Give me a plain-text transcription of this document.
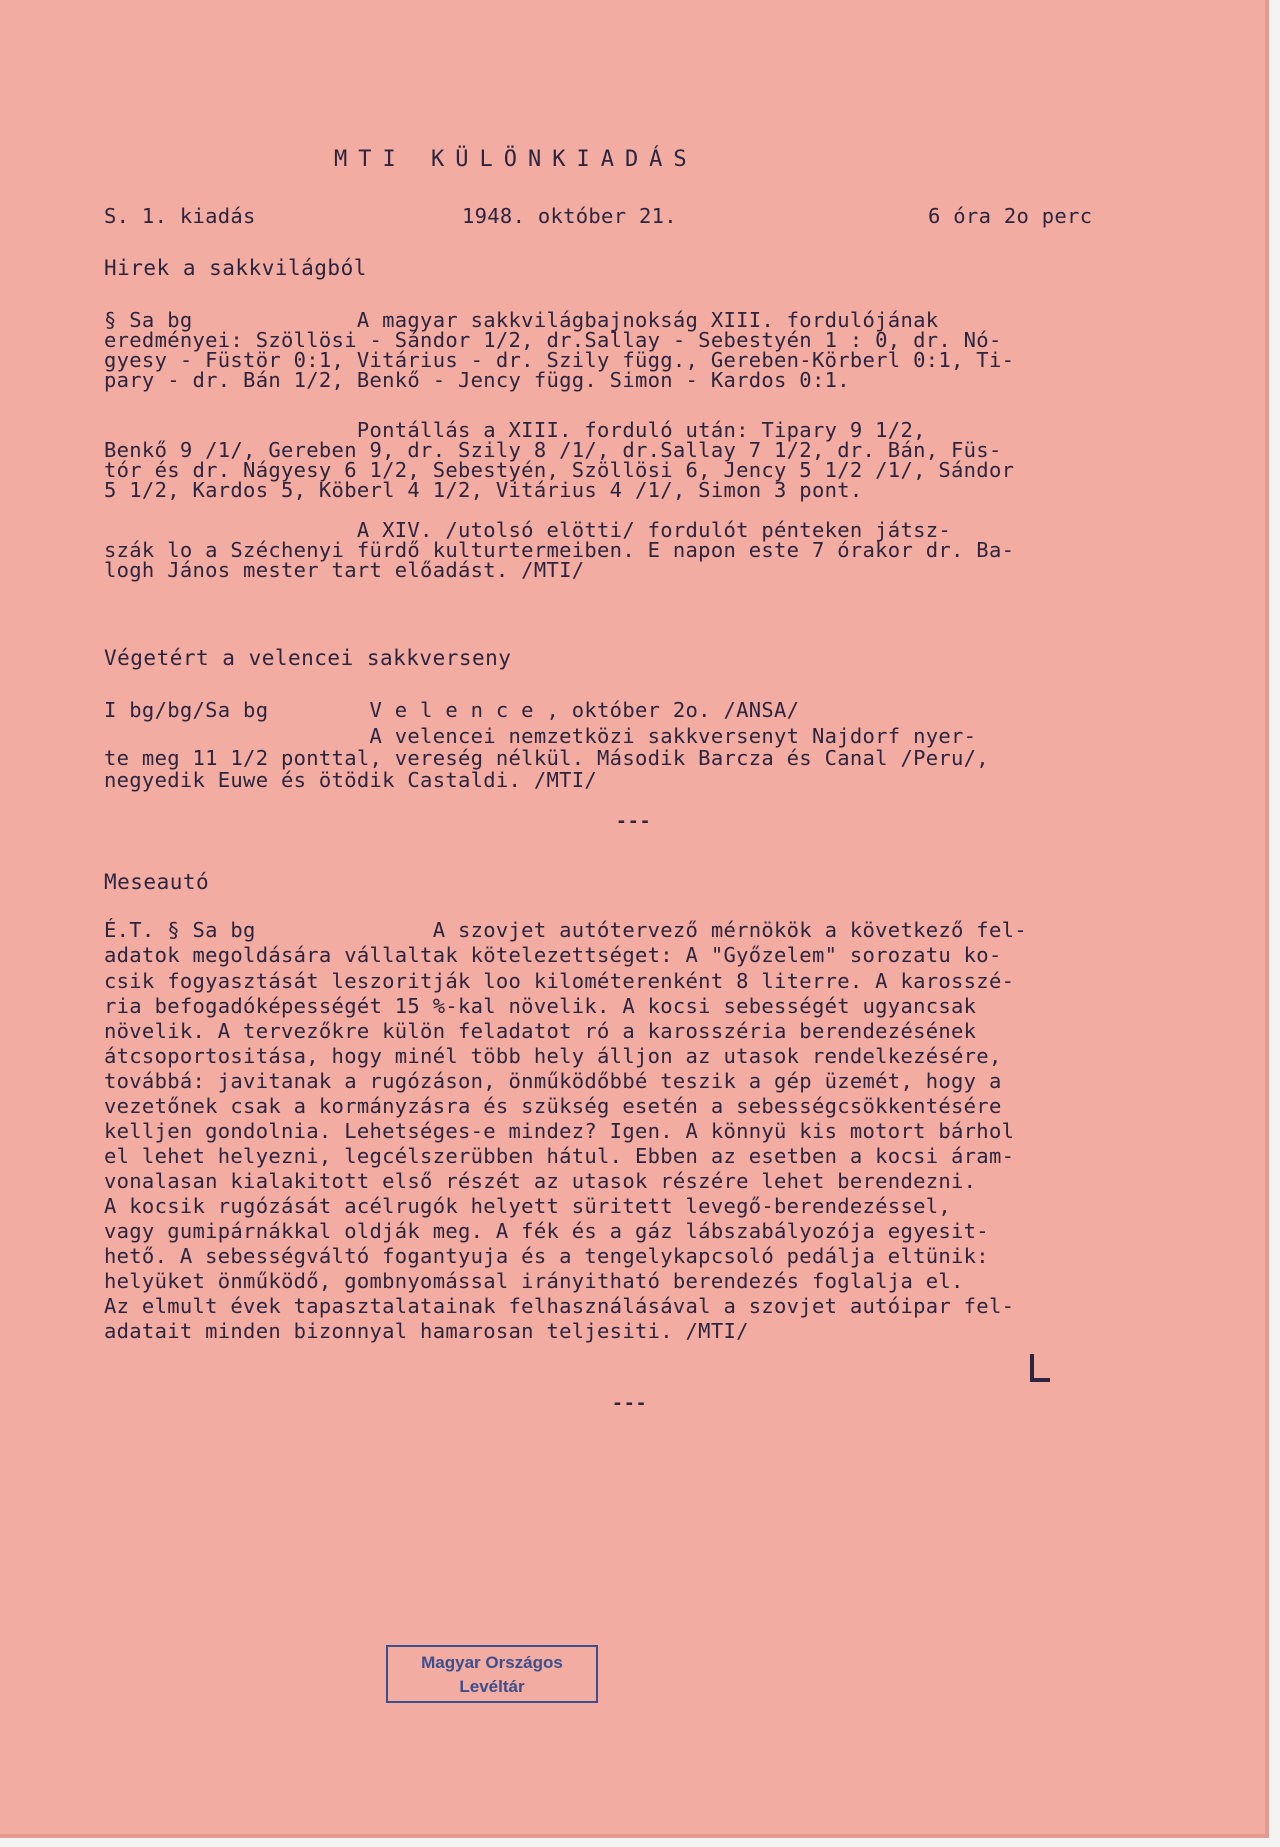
MTI KÜLÖNKIADÁS
S. 1. kiadás	1948. október 21.	6 óra 2o perc
Hirek a sakkvilágból
§ Sa bg             A magyar sakkvilágbajnokság XIII. fordulójának
eredményei: Szöllösi - Sándor 1/2, dr.Sallay - Sebestyén 1 : 0, dr. Nó-
gyesy - Füstör 0:1, Vitárius - dr. Szily függ., Gereben-Körberl 0:1, Ti-
pary - dr. Bán 1/2, Benkő - Jency függ. Simon - Kardos 0:1.
Pontállás a XIII. forduló után: Tipary 9 1/2,
Benkő 9 /1/, Gereben 9, dr. Szily 8 /1/, dr.Sallay 7 1/2, dr. Bán, Füs-
tór és dr. Nágyesy 6 1/2, Sebestyén, Szöllösi 6, Jency 5 1/2 /1/, Sándor
5 1/2, Kardos 5, Köberl 4 1/2, Vitárius 4 /1/, Simon 3 pont.
A XIV. /utolsó elötti/ fordulót pénteken játsz-
szák lo a Széchenyi fürdő kulturtermeiben. E napon este 7 órakor dr. Ba-
logh János mester tart előadást. /MTI/
Végetért a velencei sakkverseny
I bg/bg/Sa bg        V e l e n c e , október 2o. /ANSA/
A velencei nemzetközi sakkversenyt Najdorf nyer-
te meg 11 1/2 ponttal, vereség nélkül. Második Barcza és Canal /Peru/,
negyedik Euwe és ötödik Castaldi. /MTI/
---
Meseautó
É.T. § Sa bg              A szovjet autótervező mérnökök a következő fel-
adatok megoldására vállaltak kötelezettséget: A "Győzelem" sorozatu ko-
csik fogyasztását leszoritják loo kilométerenként 8 literre. A karosszé-
ria befogadóképességét 15 %-kal növelik. A kocsi sebességét ugyancsak
növelik. A tervezőkre külön feladatot ró a karosszéria berendezésének
átcsoportositása, hogy minél több hely álljon az utasok rendelkezésére,
továbbá: javitanak a rugózáson, önműködőbbé teszik a gép üzemét, hogy a
vezetőnek csak a kormányzásra és szükség esetén a sebességcsökkentésére
kelljen gondolnia. Lehetséges-e mindez? Igen. A könnyü kis motort bárhol
el lehet helyezni, legcélszerübben hátul. Ebben az esetben a kocsi áram-
vonalasan kialakitott első részét az utasok részére lehet berendezni.
A kocsik rugózását acélrugók helyett süritett levegő-berendezéssel,
vagy gumipárnákkal oldják meg. A fék és a gáz lábszabályozója egyesit-
hető. A sebességváltó fogantyuja és a tengelykapcsoló pedálja eltünik:
helyüket önműködő, gombnyomással irányitható berendezés foglalja el.
Az elmult évek tapasztalatainak felhasználásával a szovjet autóipar fel-
adatait minden bizonnyal hamarosan teljesiti. /MTI/
---
Magyar Országos
Levéltár
